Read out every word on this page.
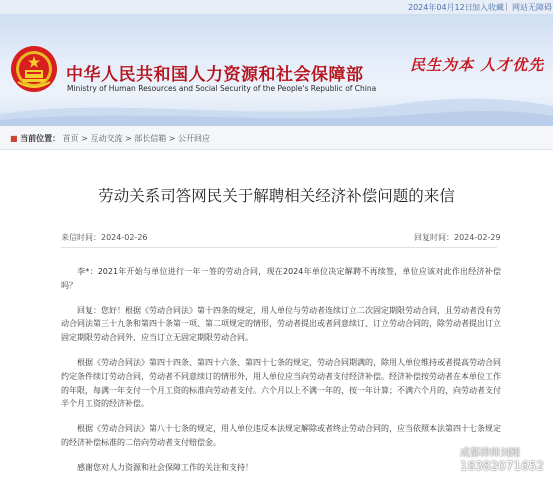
2024年04月12日 加入收藏 | 网站无障碍
中华人民共和国人力资源和社会保障部
Ministry of Human Resources and Social Security of the People's Republic of China
民生为本 人才优先
■ 当前位置： 首页 > 互动交流 > 部长信箱 > 公开回应
劳动关系司答网民关于解聘相关经济补偿问题的来信
来信时间：2024-02-26	回复时间：2024-02-29

李*：2021年开始与单位进行一年一签的劳动合同，现在2024年单位决定解聘不再续签，单位应该对此作出经济补偿吗？

回复：您好！根据《劳动合同法》第十四条的规定，用人单位与劳动者连续订立二次固定期限劳动合同，且劳动者没有劳动合同法第三十九条和第四十条第一项、第二项规定的情形，劳动者提出或者同意续订、订立劳动合同的，除劳动者提出订立固定期限劳动合同外，应当订立无固定期限劳动合同。

根据《劳动合同法》第四十四条、第四十六条、第四十七条的规定，劳动合同期满的，除用人单位维持或者提高劳动合同约定条件续订劳动合同，劳动者不同意续订的情形外，用人单位应当向劳动者支付经济补偿。经济补偿按劳动者在本单位工作的年限，每满一年支付一个月工资的标准向劳动者支付。六个月以上不满一年的，按一年计算；不满六个月的，向劳动者支付半个月工资的经济补偿。

根据《劳动合同法》第八十七条的规定，用人单位违反本法规定解除或者终止劳动合同的，应当依照本法第四十七条规定的经济补偿标准的二倍向劳动者支付赔偿金。

感谢您对人力资源和社会保障工作的关注和支持！

成都律师刘鲤
18382071652
